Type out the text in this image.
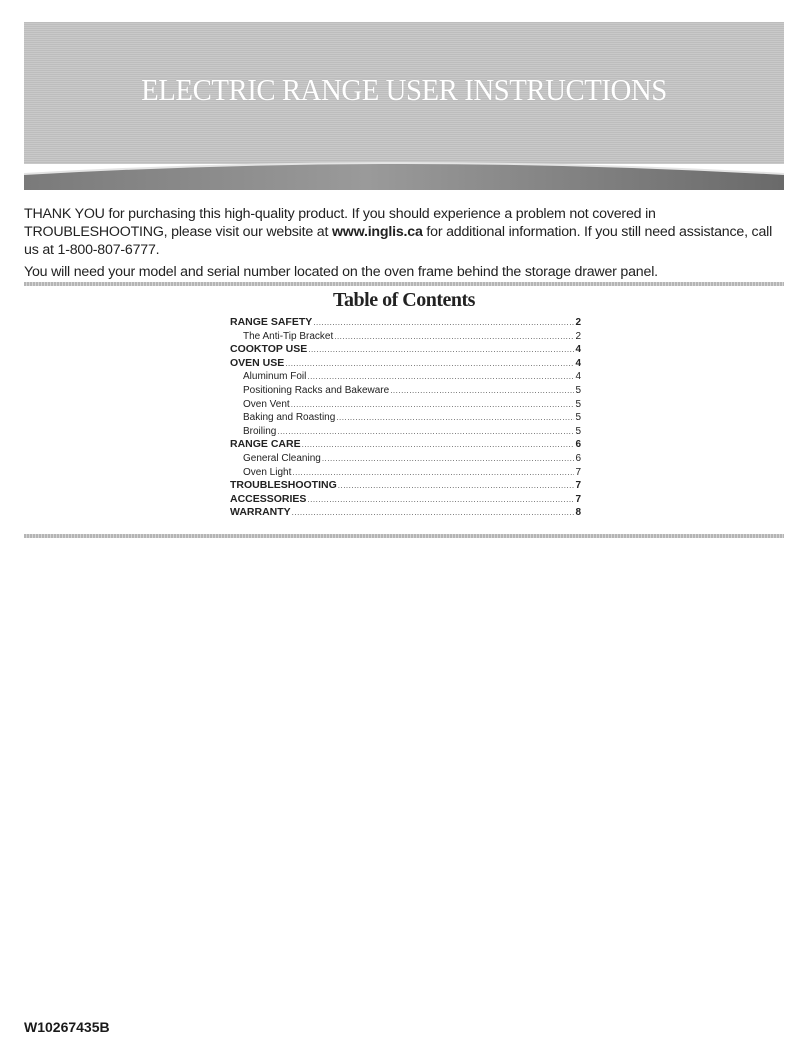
ELECTRIC RANGE USER INSTRUCTIONS

THANK YOU for purchasing this high-quality product. If you should experience a problem not covered in TROUBLESHOOTING, please visit our website at www.inglis.ca for additional information. If you still need assistance, call us at 1-800-807-6777.

You will need your model and serial number located on the oven frame behind the storage drawer panel.

Table of Contents
RANGE SAFETY .....	2
The Anti-Tip Bracket .....	2
COOKTOP USE .....	4
OVEN USE .....	4
Aluminum Foil .....	4
Positioning Racks and Bakeware .....	5
Oven Vent .....	5
Baking and Roasting .....	5
Broiling .....	5
RANGE CARE .....	6
General Cleaning .....	6
Oven Light .....	7
TROUBLESHOOTING .....	7
ACCESSORIES .....	7
WARRANTY .....	8
W10267435B
